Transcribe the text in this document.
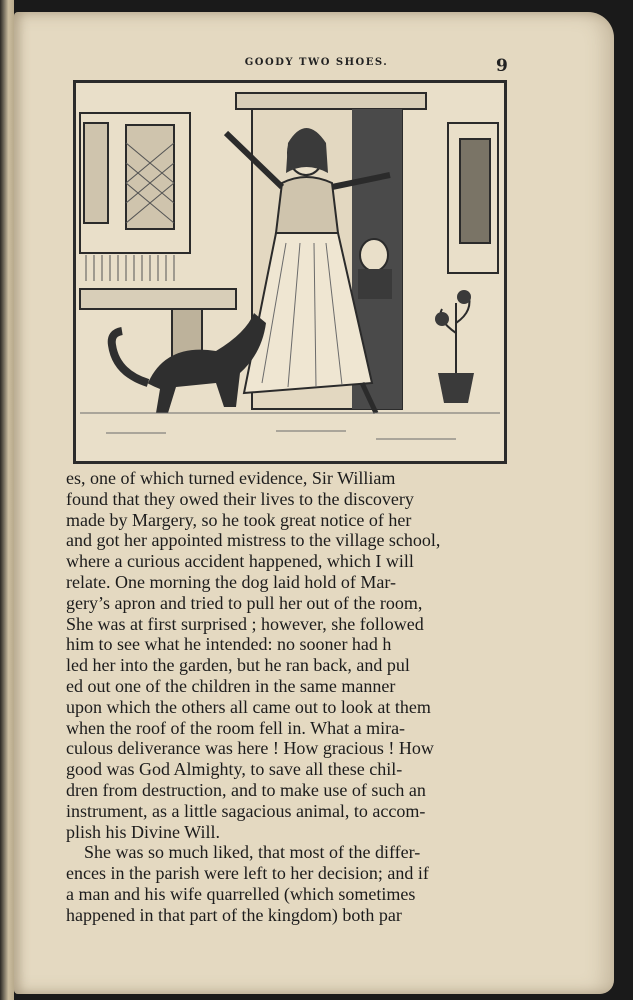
GOODY TWO SHOES.	9
es, one of which turned evidence, Sir William
found that they owed their lives to the discovery
made by Margery, so he took great notice of her
and got her appointed mistress to the village school,
where a curious accident happened, which I will
relate. One morning the dog laid hold of Mar-
gery’s apron and tried to pull her out of the room,
She was at first surprised ; however, she followed
him to see what he intended: no sooner had h
led her into the garden, but he ran back, and pul
ed out one of the children in the same manner
upon which the others all came out to look at them
when the roof of the room fell in. What a mira-
culous deliverance was here ! How gracious ! How
good was God Almighty, to save all these chil-
dren from destruction, and to make use of such an
instrument, as a little sagacious animal, to accom-
plish his Divine Will.
She was so much liked, that most of the differ-
ences in the parish were left to her decision; and if
a man and his wife quarrelled (which sometimes
happened in that part of the kingdom) both par
